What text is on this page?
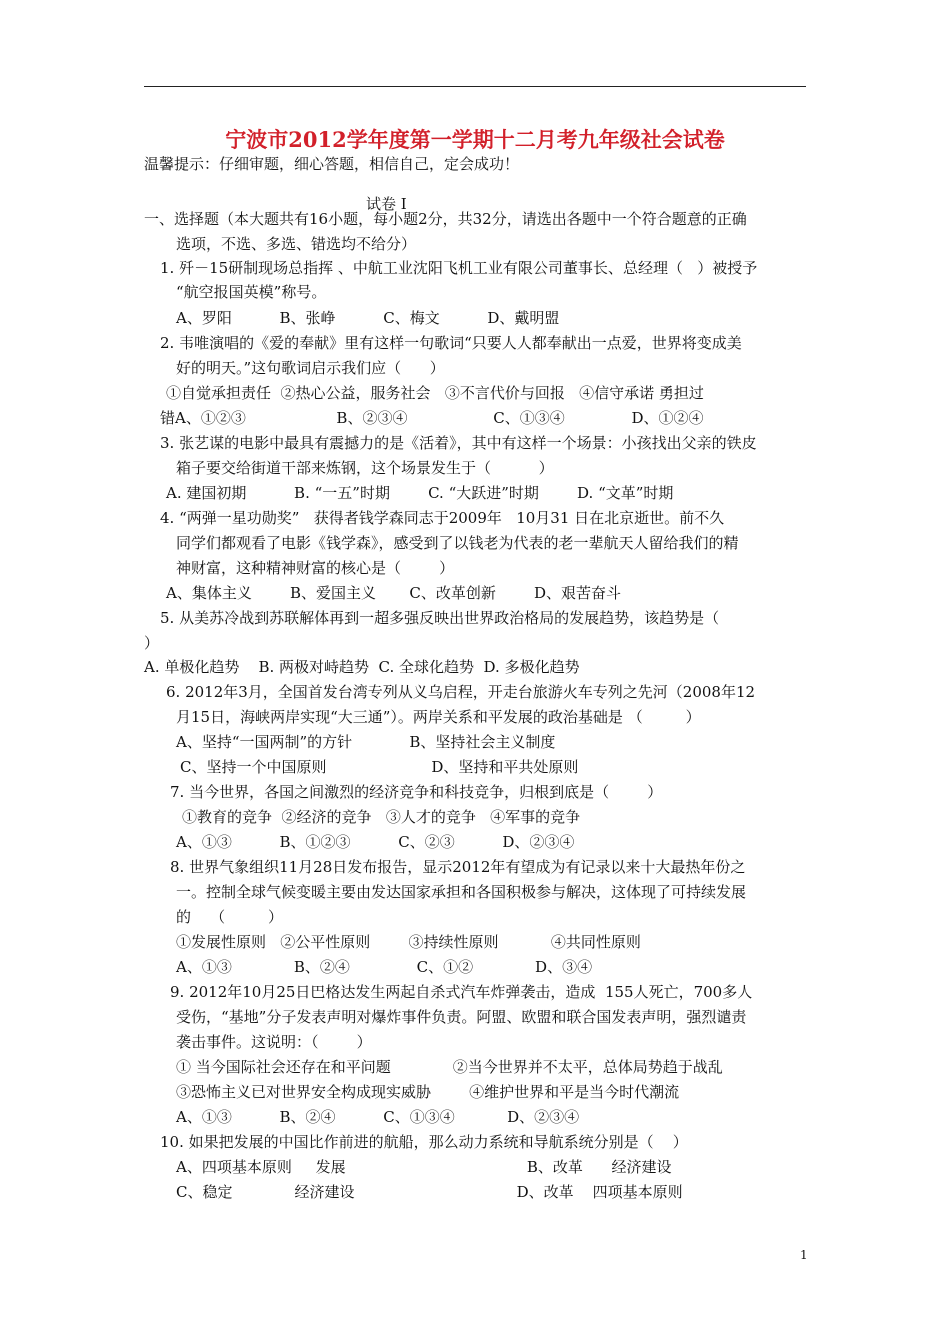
宁波市2012学年度第一学期十二月考九年级社会试卷
温馨提示：仔细审题，细心答题，相信自己，定会成功！
试卷 I
一、选择题（本大题共有16小题，每小题2分，共32分，请选出各题中一个符合题意的正确
选项，不选、多选、错选均不给分）
1. 歼－15研制现场总指挥 、中航工业沈阳飞机工业有限公司董事长、总经理（   ）被授予
“航空报国英模”称号。
A、罗阳          B、张峥          C、梅文          D、戴明盟
2. 韦唯演唱的《爱的奉献》里有这样一句歌词“只要人人都奉献出一点爱，世界将变成美
好的明天。”这句歌词启示我们应（      ）
①自觉承担责任  ②热心公益，服务社会   ③不言代价与回报   ④信守承诺 勇担过
错A、①②③                   B、②③④                  C、①③④              D、①②④
3. 张艺谋的电影中最具有震撼力的是《活着》，其中有这样一个场景：小孩找出父亲的铁皮
箱子要交给街道干部来炼钢，这个场景发生于（          ）
A. 建国初期          B. “一五”时期        C. “大跃进”时期        D. “文革”时期
4. “两弹一星功勋奖”   获得者钱学森同志于2009年   10月31 日在北京逝世。前不久
同学们都观看了电影《钱学森》，感受到了以钱老为代表的老一辈航天人留给我们的精
神财富，这种精神财富的核心是（        ）
A、集体主义        B、爱国主义       C、改革创新        D、艰苦奋斗
5. 从美苏冷战到苏联解体再到一超多强反映出世界政治格局的发展趋势，该趋势是（
）
A. 单极化趋势    B. 两极对峙趋势  C. 全球化趋势  D. 多极化趋势
6. 2012年3月，全国首发台湾专列从义乌启程，开走台旅游火车专列之先河（2008年12
月15日，海峡两岸实现“大三通”）。两岸关系和平发展的政治基础是 （         ）
A、坚持“一国两制”的方针            B、坚持社会主义制度
C、坚持一个中国原则                      D、坚持和平共处原则
7. 当今世界，各国之间激烈的经济竞争和科技竞争，归根到底是（        ）
①教育的竞争  ②经济的竞争   ③人才的竞争   ④军事的竞争
A、①③          B、①②③          C、②③          D、②③④
8. 世界气象组织11月28日发布报告，显示2012年有望成为有记录以来十大最热年份之
一。控制全球气候变暖主要由发达国家承担和各国积极参与解决，这体现了可持续发展
的    （         ）
①发展性原则   ②公平性原则        ③持续性原则           ④共同性原则
A、①③             B、②④              C、①②             D、③④
9. 2012年10月25日巴格达发生两起自杀式汽车炸弹袭击，造成  155人死亡，700多人
受伤，“基地”分子发表声明对爆炸事件负责。阿盟、欧盟和联合国发表声明，强烈谴责
袭击事件。这说明：（        ）
① 当今国际社会还存在和平问题             ②当今世界并不太平，总体局势趋于战乱
③恐怖主义已对世界安全构成现实威胁        ④维护世界和平是当今时代潮流
A、①③          B、②④          C、①③④           D、②③④
10. 如果把发展的中国比作前进的航船，那么动力系统和导航系统分别是（    ）
A、四项基本原则     发展                                      B、改革      经济建设
C、稳定             经济建设                                  D、改革    四项基本原则
1
